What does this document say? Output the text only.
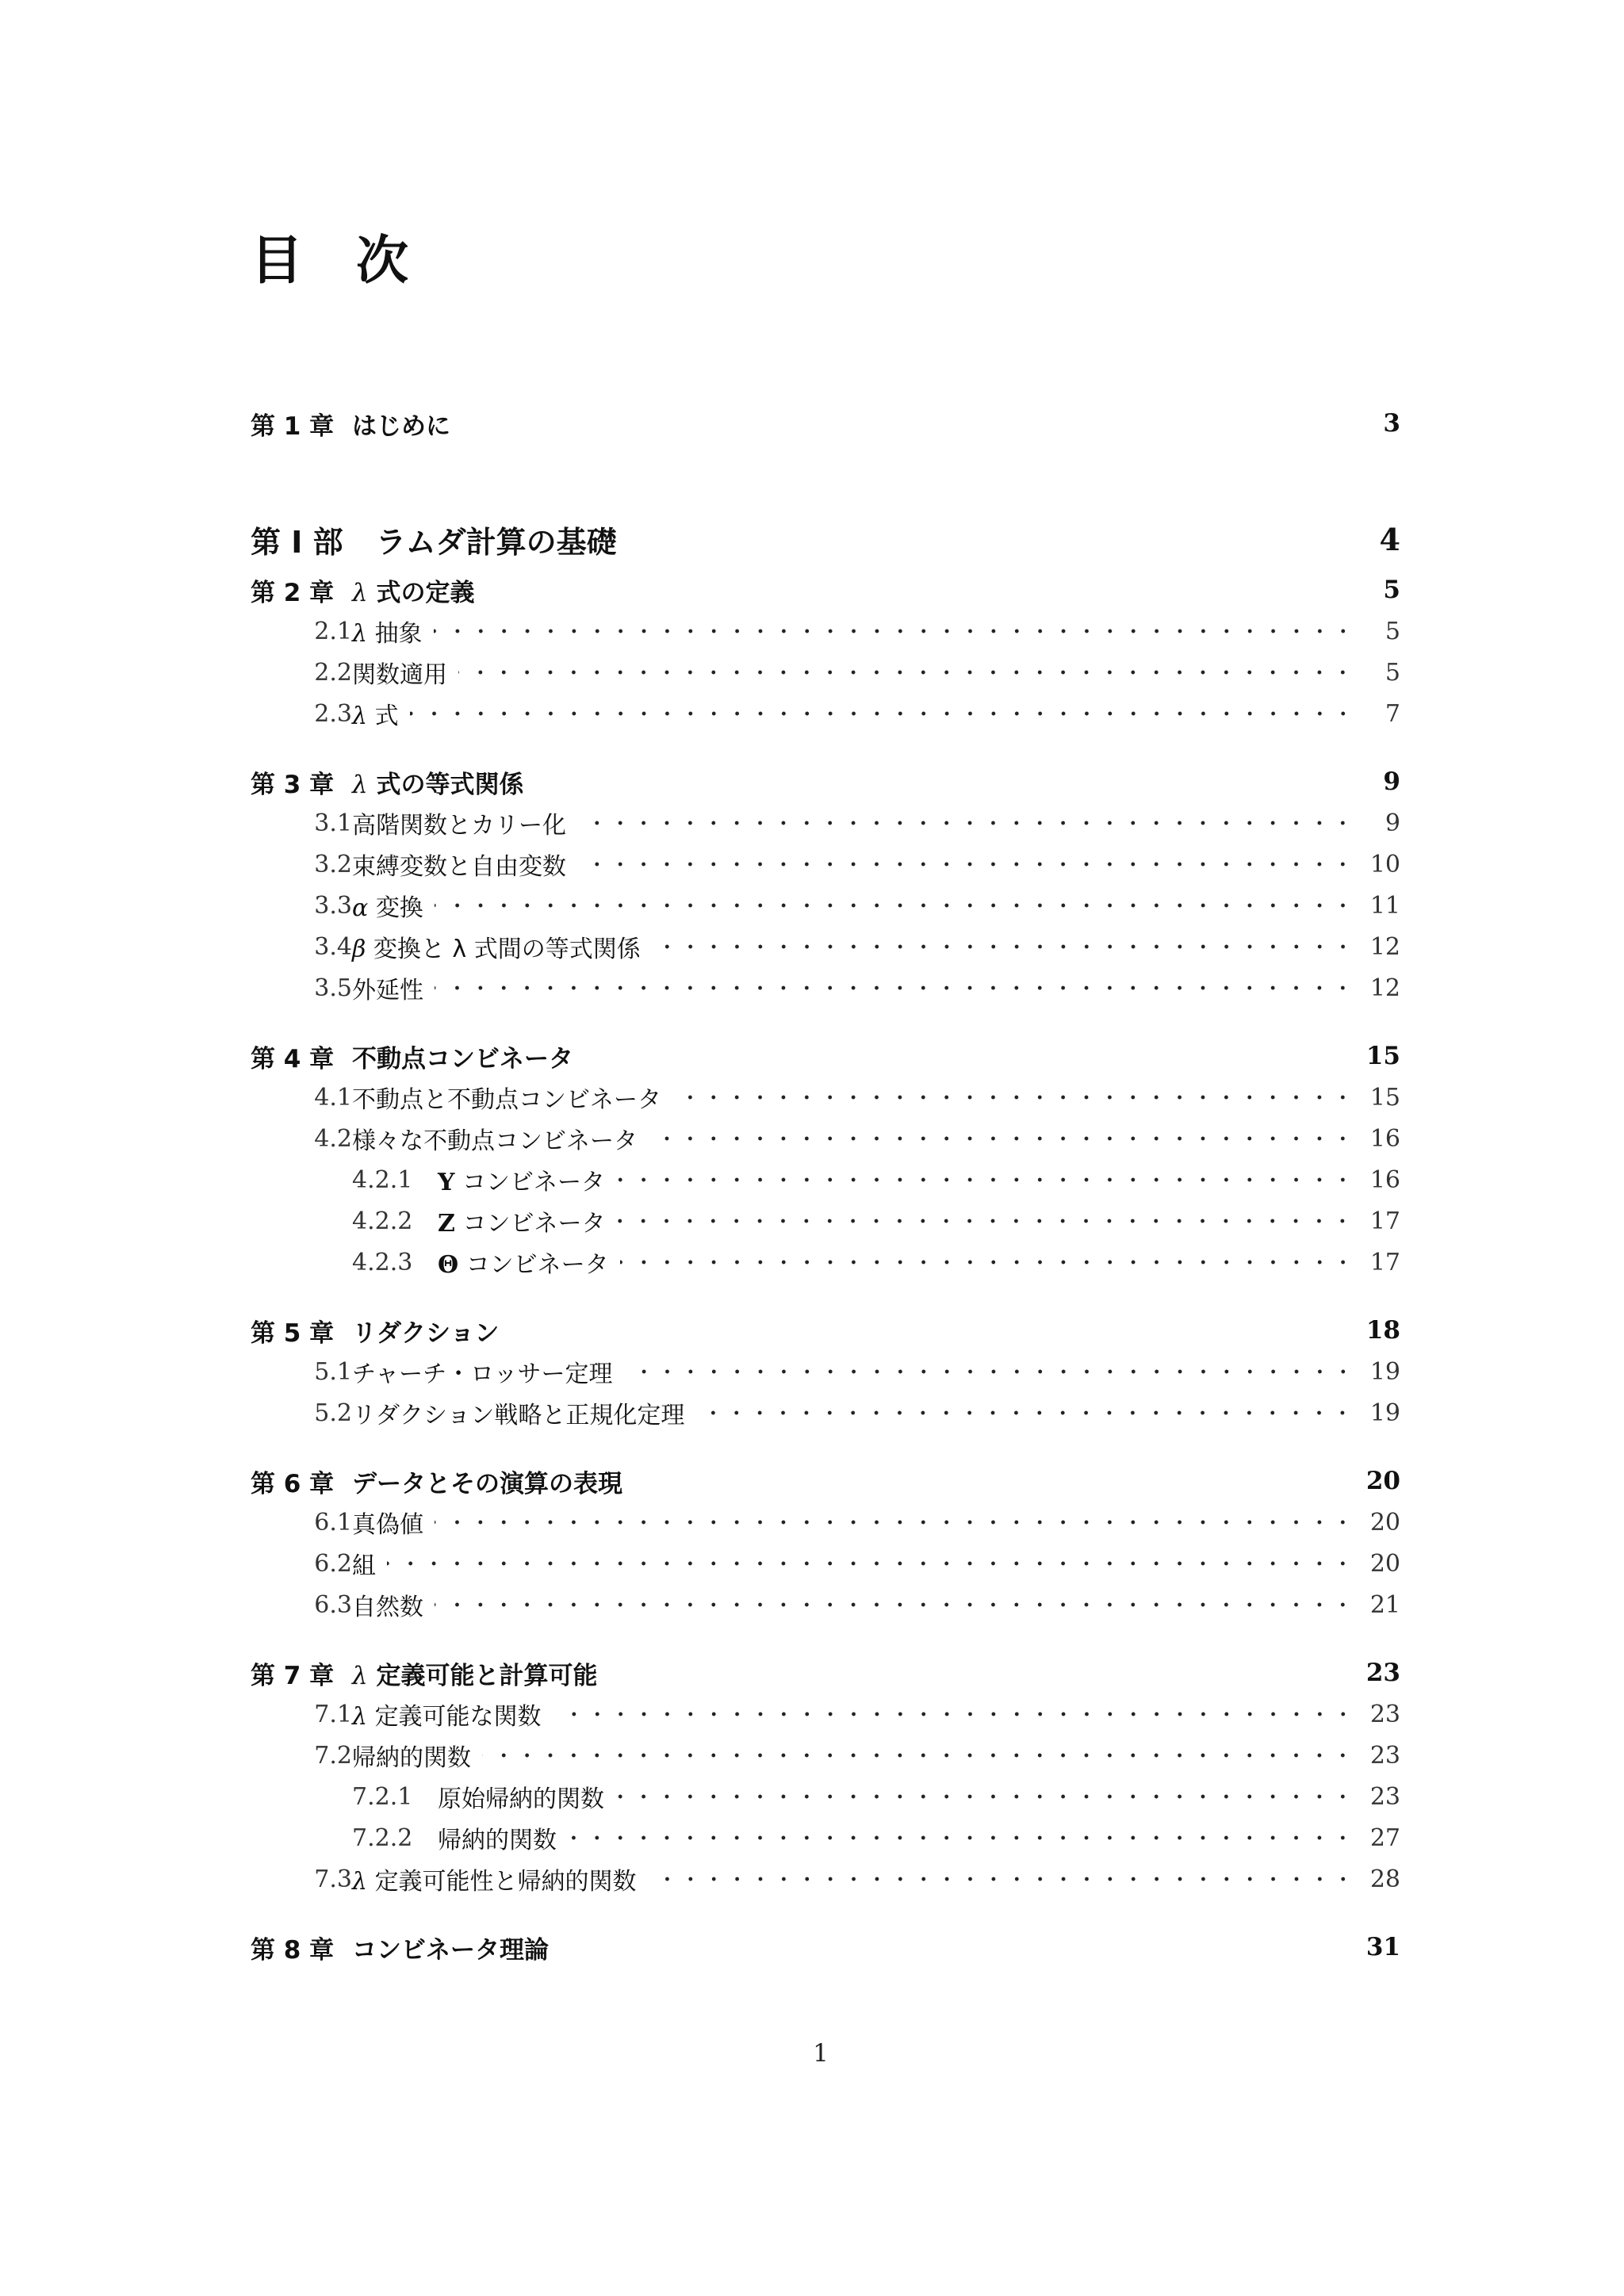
目 次
第 1 章 はじめに	3
第 I 部	ラムダ計算の基礎	4
第 2 章 λ 式の定義	5
2.1 λ 抽象	5
2.2 関数適用	5
2.3 λ 式	7
第 3 章 λ 式の等式関係	9
3.1 高階関数とカリー化	9
3.2 束縛変数と自由変数	10
3.3 α 変換	11
3.4 β 変換と λ 式間の等式関係	12
3.5 外延性	12
第 4 章 不動点コンビネータ	15
4.1 不動点と不動点コンビネータ	15
4.2 様々な不動点コンビネータ	16
4.2.1	Y コンビネータ	16
4.2.2	Z コンビネータ	17
4.2.3	Θ コンビネータ	17
第 5 章 リダクション	18
5.1 チャーチ・ロッサー定理	19
5.2 リダクション戦略と正規化定理	19
第 6 章 データとその演算の表現	20
6.1 真偽値	20
6.2 組	20
6.3 自然数	21
第 7 章 λ 定義可能と計算可能	23
7.1 λ 定義可能な関数	23
7.2 帰納的関数	23
7.2.1	原始帰納的関数	23
7.2.2	帰納的関数	27
7.3 λ 定義可能性と帰納的関数	28
第 8 章 コンビネータ理論	31
1
